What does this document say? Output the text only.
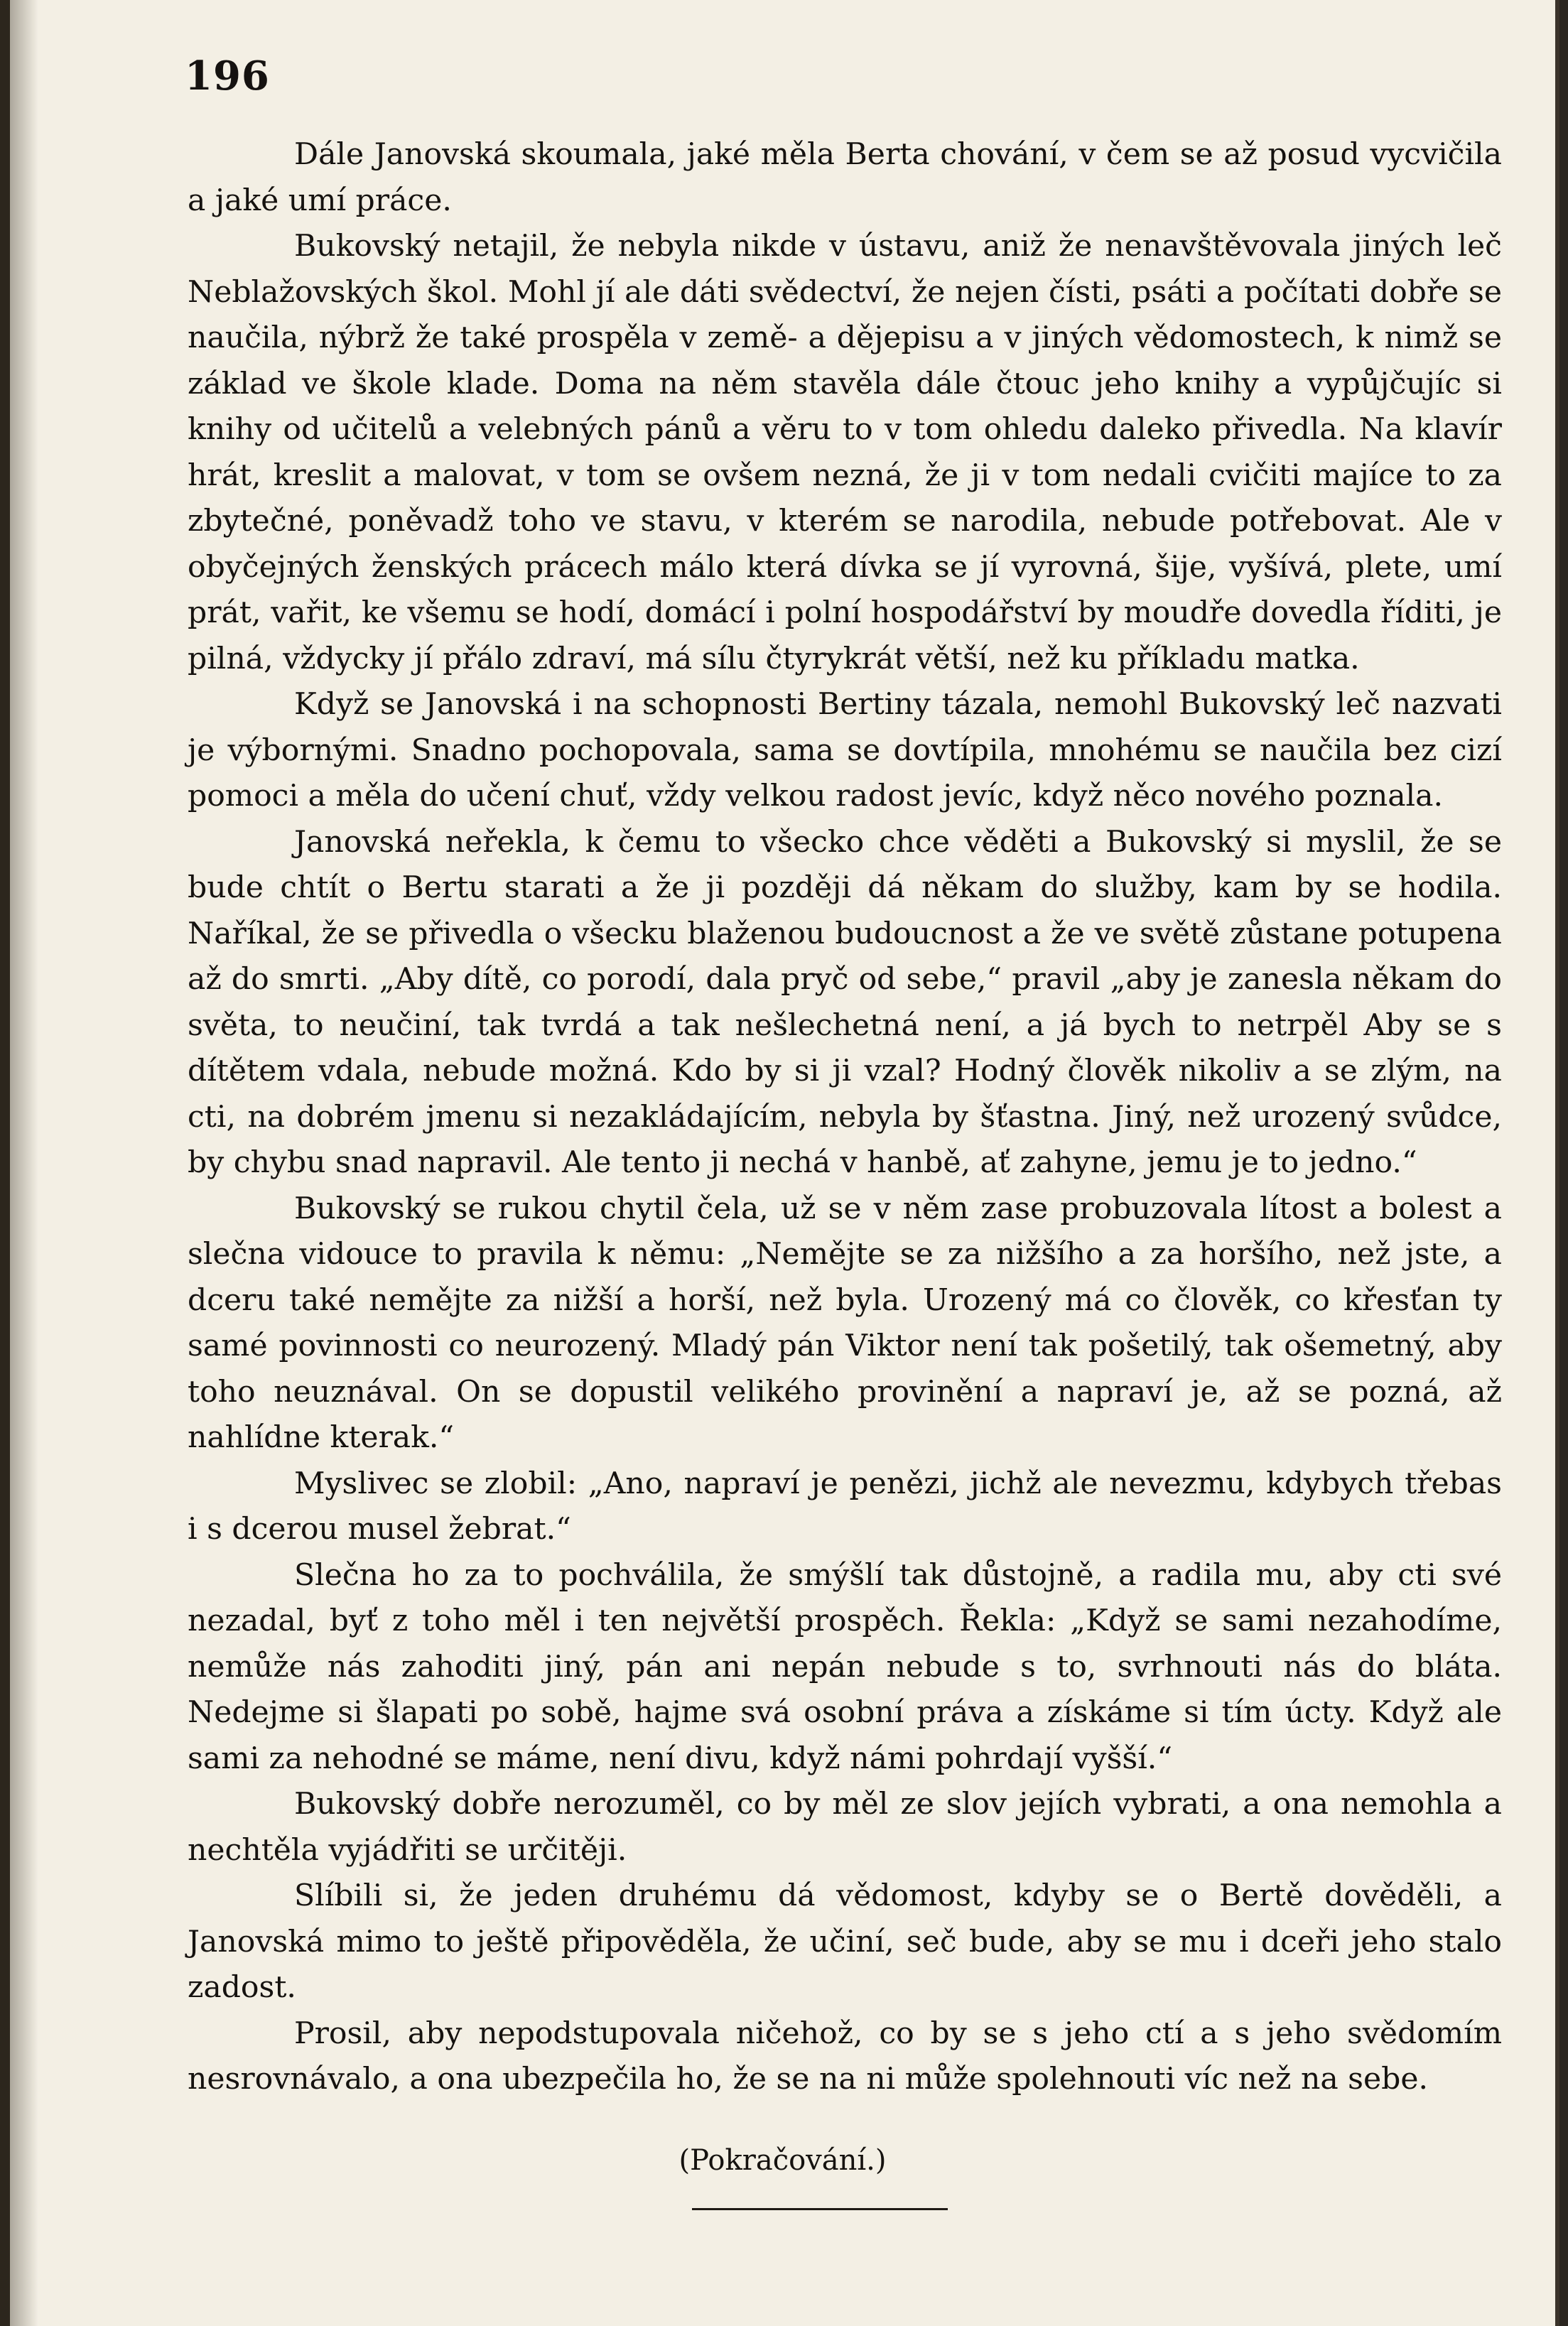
196

Dále Janovská skoumala, jaké měla Berta chování, v čem se až posud vycvičila a jaké umí práce.

Bukovský netajil, že nebyla nikde v ústavu, aniž že nenavštěvovala jiných leč Neblažovských škol. Mohl jí ale dáti svědectví, že nejen čísti, psáti a počítati dobře se naučila, nýbrž že také prospěla v země- a dějepisu a v jiných vědomostech, k nimž se základ ve škole klade. Doma na něm stavěla dále čtouc jeho knihy a vypůjčujíc si knihy od učitelů a velebných pánů a věru to v tom ohledu daleko přivedla. Na klavír hrát, kreslit a malovat, v tom se ovšem nezná, že ji v tom nedali cvičiti majíce to za zbytečné, poněvadž toho ve stavu, v kterém se narodila, nebude potřebovat. Ale v obyčejných ženských prácech málo která dívka se jí vyrovná, šije, vyšívá, plete, umí prát, vařit, ke všemu se hodí, domácí i polní hospodářství by moudře dovedla říditi, je pilná, vždycky jí přálo zdraví, má sílu čtyrykrát větší, než ku příkladu matka.

Když se Janovská i na schopnosti Bertiny tázala, nemohl Bukovský leč nazvati je výbornými. Snadno pochopovala, sama se dovtípila, mnohému se naučila bez cizí pomoci a měla do učení chuť, vždy velkou radost jevíc, když něco nového poznala.

Janovská neřekla, k čemu to všecko chce věděti a Bukovský si myslil, že se bude chtít o Bertu starati a že ji později dá někam do služby, kam by se hodila. Naříkal, že se přivedla o všecku blaženou budoucnost a že ve světě zůstane potupena až do smrti. „Aby dítě, co porodí, dala pryč od sebe,“ pravil „aby je zanesla někam do světa, to neučiní, tak tvrdá a tak nešlechetná není, a já bych to netrpěl Aby se s dítětem vdala, nebude možná. Kdo by si ji vzal? Hodný člověk nikoliv a se zlým, na cti, na dobrém jmenu si nezakládajícím, nebyla by šťastna. Jiný, než urozený svůdce, by chybu snad napravil. Ale tento ji nechá v hanbě, ať zahyne, jemu je to jedno.“

Bukovský se rukou chytil čela, už se v něm zase probuzovala lítost a bolest a slečna vidouce to pravila k němu: „Nemějte se za nižšího a za horšího, než jste, a dceru také nemějte za nižší a horší, než byla. Urozený má co člověk, co křesťan ty samé povinnosti co neurozený. Mladý pán Viktor není tak pošetilý, tak ošemetný, aby toho neuznával. On se dopustil velikého provinění a napraví je, až se pozná, až nahlídne kterak.“

Myslivec se zlobil: „Ano, napraví je penězi, jichž ale nevezmu, kdybych třebas i s dcerou musel žebrat.“

Slečna ho za to pochválila, že smýšlí tak důstojně, a radila mu, aby cti své nezadal, byť z toho měl i ten největší prospěch. Řekla: „Když se sami nezahodíme, nemůže nás zahoditi jiný, pán ani nepán nebude s to, svrhnouti nás do bláta. Nedejme si šlapati po sobě, hajme svá osobní práva a získáme si tím úcty. Když ale sami za nehodné se máme, není divu, když námi pohrdají vyšší.“

Bukovský dobře nerozuměl, co by měl ze slov jejích vybrati, a ona nemohla a nechtěla vyjádřiti se určitěji.

Slíbili si, že jeden druhému dá vědomost, kdyby se o Bertě dověděli, a Janovská mimo to ještě připověděla, že učiní, seč bude, aby se mu i dceři jeho stalo zadost.

Prosil, aby nepodstupovala ničehož, co by se s jeho ctí a s jeho svědomím nesrovnávalo, a ona ubezpečila ho, že se na ni může spolehnouti víc než na sebe.

(Pokračování.)
